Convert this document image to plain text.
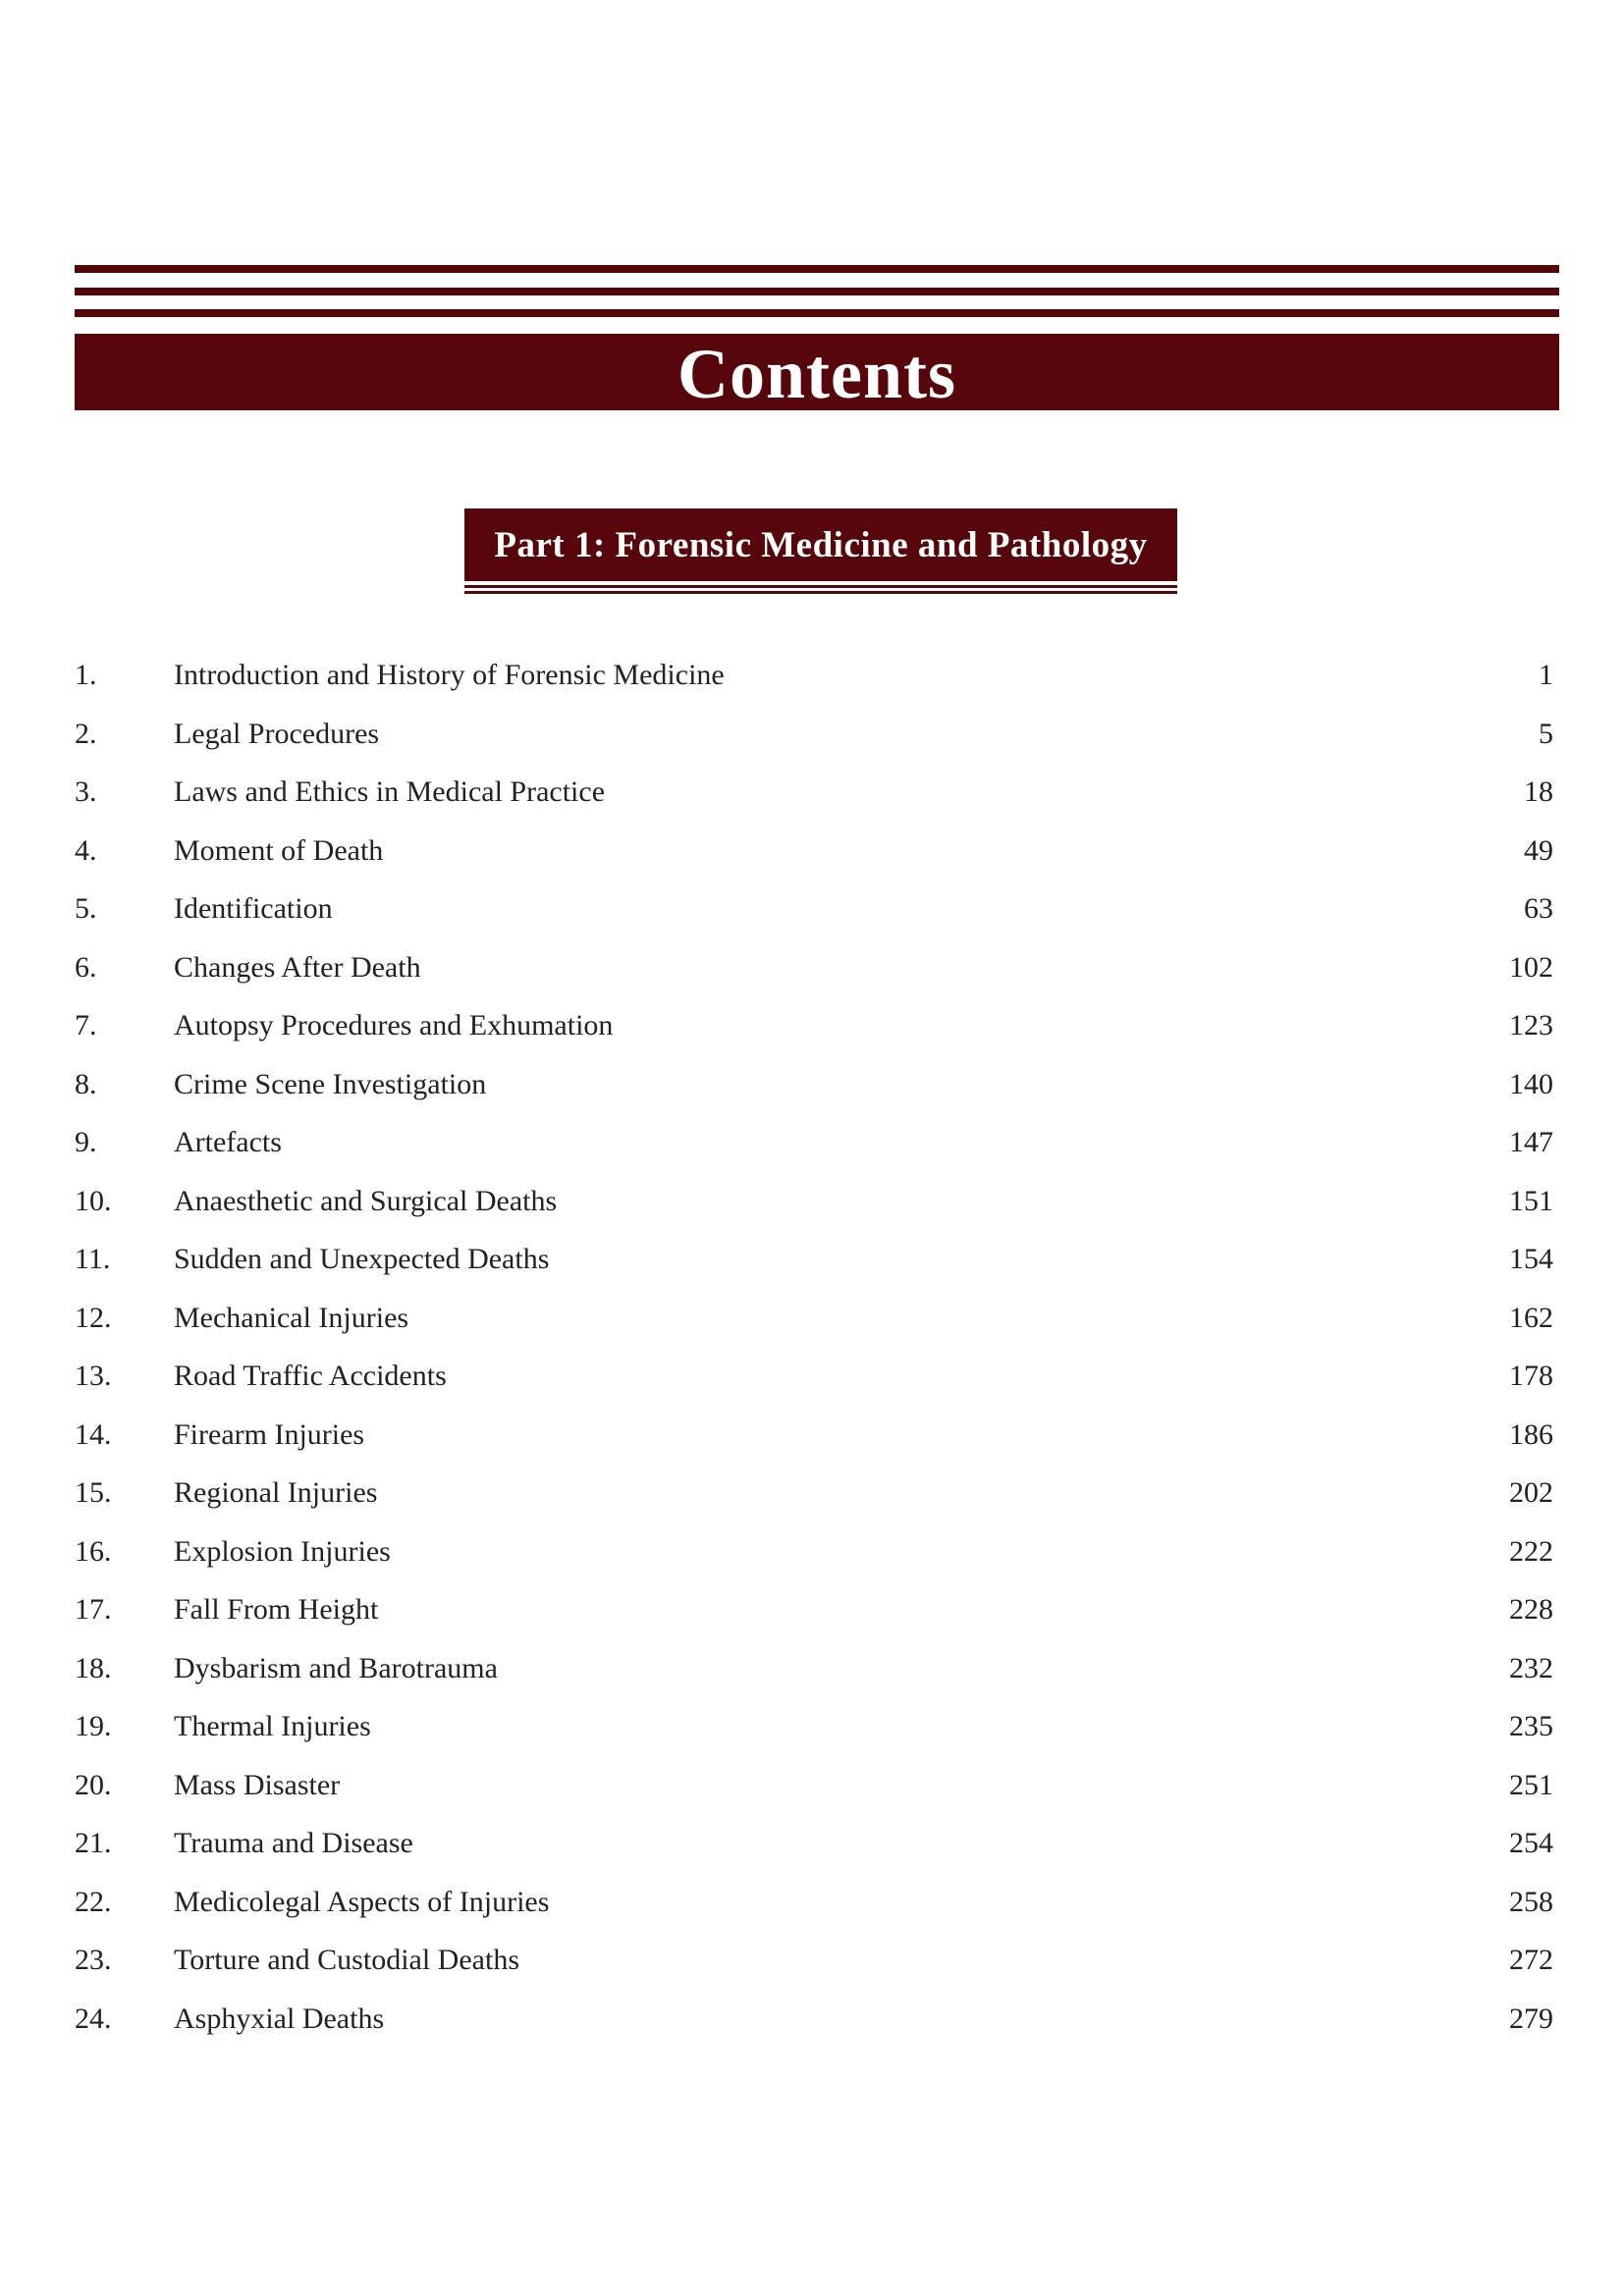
Contents
Part 1: Forensic Medicine and Pathology
1.	Introduction and History of Forensic Medicine	1
2.	Legal Procedures	5
3.	Laws and Ethics in Medical Practice	18
4.	Moment of Death	49
5.	Identification	63
6.	Changes After Death	102
7.	Autopsy Procedures and Exhumation	123
8.	Crime Scene Investigation	140
9.	Artefacts	147
10. Anaesthetic and Surgical Deaths	151
11. Sudden and Unexpected Deaths	154
12. Mechanical Injuries	162
13. Road Traffic Accidents	178
14. Firearm Injuries	186
15. Regional Injuries	202
16. Explosion Injuries	222
17. Fall From Height	228
18. Dysbarism and Barotrauma	232
19. Thermal Injuries	235
20. Mass Disaster	251
21. Trauma and Disease	254
22. Medicolegal Aspects of Injuries	258
23. Torture and Custodial Deaths	272
24. Asphyxial Deaths	279
